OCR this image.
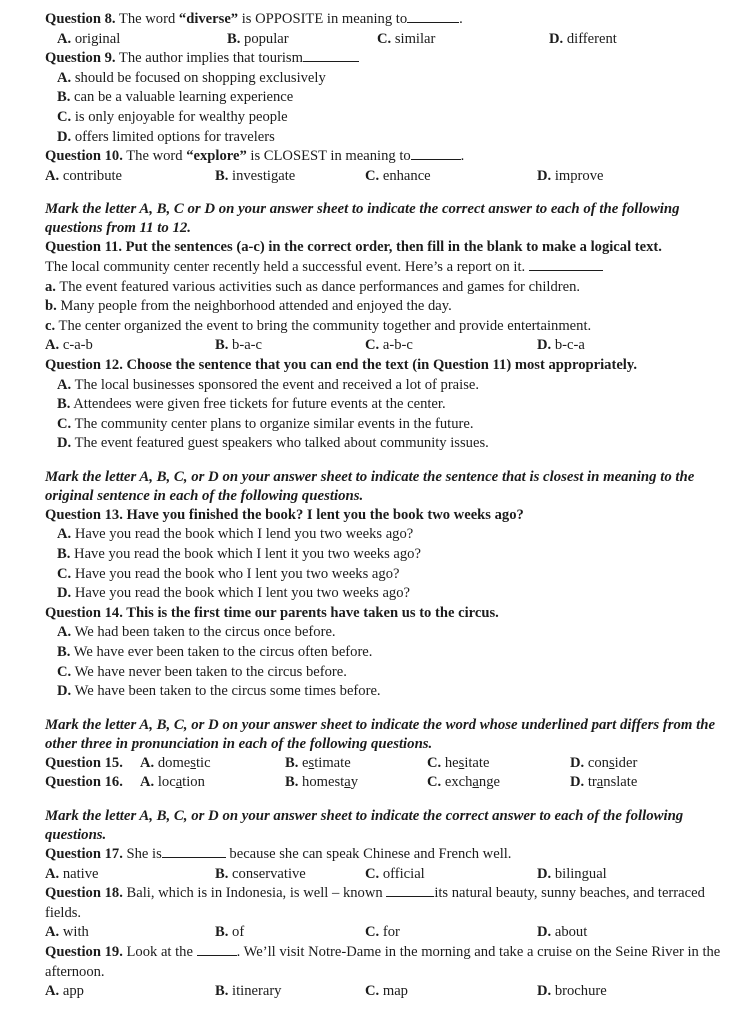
Question 8. The word “diverse” is OPPOSITE in meaning to	.
A. original	B. popular	C. similar	D. different
Question 9. The author implies that tourism
A. should be focused on shopping exclusively
B. can be a valuable learning experience
C. is only enjoyable for wealthy people
D. offers limited options for travelers
Question 10. The word “explore” is CLOSEST in meaning to	.
A. contribute	B. investigate	C. enhance	D. improve
Mark the letter A, B, C or D on your answer sheet to indicate the correct answer to each of the following questions from 11 to 12.
Question 11. Put the sentences (a-c) in the correct order, then fill in the blank to make a logical text.
The local community center recently held a successful event. Here’s a report on it.
a. The event featured various activities such as dance performances and games for children.
b. Many people from the neighborhood attended and enjoyed the day.
c. The center organized the event to bring the community together and provide entertainment.
A. c-a-b	B. b-a-c	C. a-b-c	D. b-c-a
Question 12. Choose the sentence that you can end the text (in Question 11) most appropriately.
A. The local businesses sponsored the event and received a lot of praise.
B. Attendees were given free tickets for future events at the center.
C. The community center plans to organize similar events in the future.
D. The event featured guest speakers who talked about community issues.
Mark the letter A, B, C, or D on your answer sheet to indicate the sentence that is closest in meaning to the original sentence in each of the following questions.
Question 13. Have you finished the book? I lent you the book two weeks ago?
A. Have you read the book which I lend you two weeks ago?
B. Have you read the book which I lent it you two weeks ago?
C. Have you read the book who I lent you two weeks ago?
D. Have you read the book which I lent you two weeks ago?
Question 14. This is the first time our parents have taken us to the circus.
A. We had been taken to the circus once before.
B. We have ever been taken to the circus often before.
C. We have never been taken to the circus before.
D. We have been taken to the circus some times before.
Mark the letter A, B, C, or D on your answer sheet to indicate the word whose underlined part differs from the other three in pronunciation in each of the following questions.
Question 15.	A. domestic	B. estimate	C. hesitate	D. consider
Question 16.	A. location	B. homestay	C. exchange	D. translate
Mark the letter A, B, C, or D on your answer sheet to indicate the correct answer to each of the following questions.
Question 17. She is	because she can speak Chinese and French well.
A. native	B. conservative	C. official	D. bilingual
Question 18. Bali, which is in Indonesia, is well – known	its natural beauty, sunny beaches, and terraced fields.
A. with	B. of	C. for	D. about
Question 19. Look at the	. We’ll visit Notre-Dame in the morning and take a cruise on the Seine River in the afternoon.
A. app	B. itinerary	C. map	D. brochure
